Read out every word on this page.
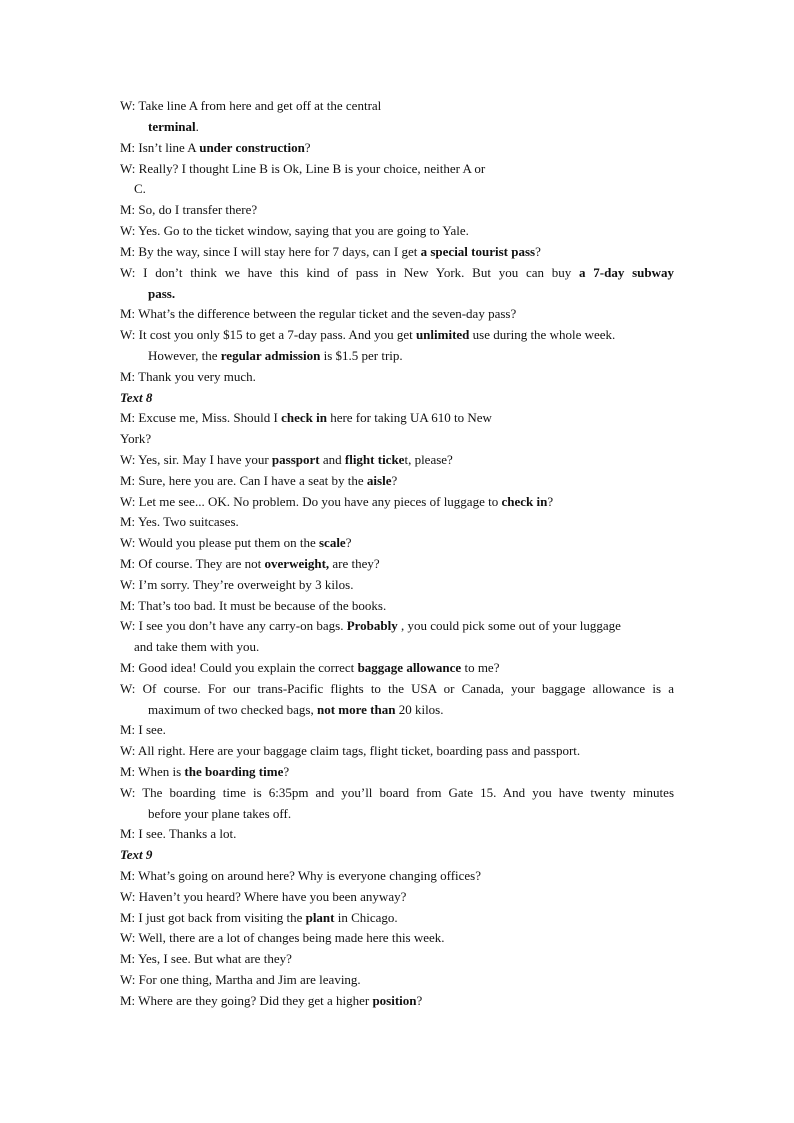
W: Take line A from here and get off at the central
terminal.
M: Isn’t line A under construction?
W: Really? I thought Line B is Ok, Line B is your choice, neither A or
C.
M: So, do I transfer there?
W: Yes. Go to the ticket window, saying that you are going to Yale.
M: By the way, since I will stay here for 7 days, can I get a special tourist pass?
W: I don’t think we have this kind of pass in New York. But you can buy a 7-day subway
pass.
M: What’s the difference between the regular ticket and the seven-day pass?
W: It cost you only $15 to get a 7-day pass. And you get unlimited use during the whole week.
However, the regular admission is $1.5 per trip.
M: Thank you very much.
Text 8
M: Excuse me, Miss. Should I check in here for taking UA 610 to New
York?
W: Yes, sir. May I have your passport and flight ticket, please?
M: Sure, here you are. Can I have a seat by the aisle?
W: Let me see... OK. No problem. Do you have any pieces of luggage to check in?
M: Yes. Two suitcases.
W: Would you please put them on the scale?
M: Of course. They are not overweight, are they?
W: I’m sorry. They’re overweight by 3 kilos.
M: That’s too bad. It must be because of the books.
W: I see you don’t have any carry-on bags. Probably , you could pick some out of your luggage
and take them with you.
M: Good idea! Could you explain the correct baggage allowance to me?
W: Of course. For our trans-Pacific flights to the USA or Canada, your baggage allowance is a
maximum of two checked bags, not more than 20 kilos.
M: I see.
W: All right. Here are your baggage claim tags, flight ticket, boarding pass and passport.
M: When is the boarding time?
W: The boarding time is 6:35pm and you’ll board from Gate 15. And you have twenty minutes
before your plane takes off.
M: I see. Thanks a lot.
Text 9
M: What’s going on around here? Why is everyone changing offices?
W: Haven’t you heard? Where have you been anyway?
M: I just got back from visiting the plant in Chicago.
W: Well, there are a lot of changes being made here this week.
M: Yes, I see. But what are they?
W: For one thing, Martha and Jim are leaving.
M: Where are they going? Did they get a higher position?
